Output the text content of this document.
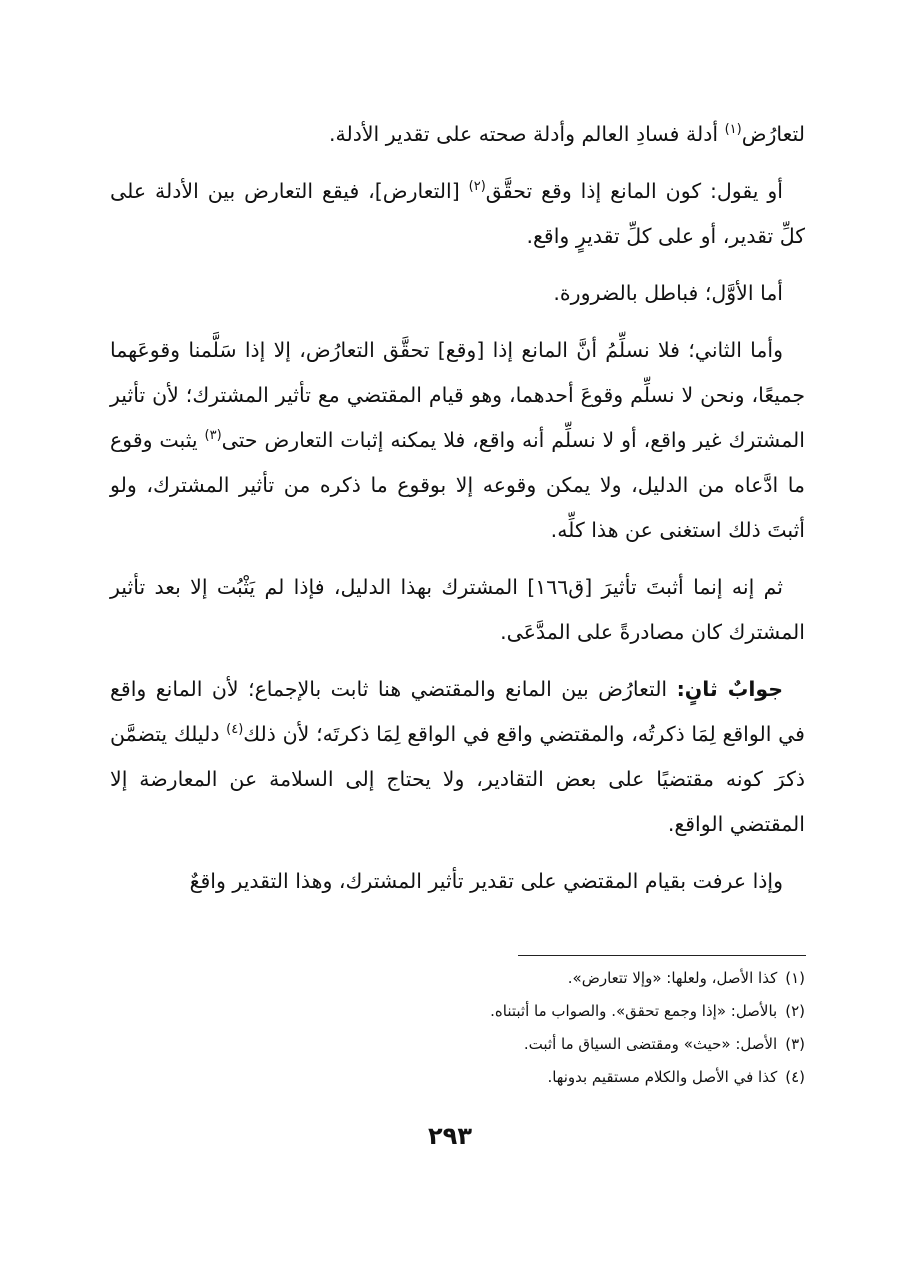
لتعارُض$^{(١)}$ أدلة فسادِ العالم وأدلة صحته على تقدير الأدلة.

أو يقول: كون المانع إذا وقع تحقَّق$^{(٢)}$ [التعارض]، فيقع التعارض بين الأدلة على كلِّ تقدير، أو على كلِّ تقديرٍ واقع.

أما الأوَّل؛ فباطل بالضرورة.

وأما الثاني؛ فلا نسلِّمُ أنَّ المانع إذا [وقع] تحقَّق التعارُض، إلا إذا سَلَّمنا وقوعَهما جميعًا، ونحن لا نسلِّم وقوعَ أحدهما، وهو قيام المقتضي مع تأثير المشترك؛ لأن تأثير المشترك غير واقع، أو لا نسلِّم أنه واقع، فلا يمكنه إثبات التعارض حتى$^{(٣)}$ يثبت وقوع ما ادَّعاه من الدليل، ولا يمكن وقوعه إلا بوقوع ما ذكره من تأثير المشترك، ولو أثبتَ ذلك استغنى عن هذا كلِّه.

ثم إنه إنما أثبتَ تأثيرَ [ق١٦٦] المشترك بهذا الدليل، فإذا لم يَثْبُت إلا بعد تأثير المشترك كان مصادرةً على المدَّعَى.

جوابٌ ثانٍ: التعارُض بين المانع والمقتضي هنا ثابت بالإجماع؛ لأن المانع واقع في الواقع لِمَا ذكرتُه، والمقتضي واقع في الواقع لِمَا ذكرتَه؛ لأن ذلك$^{(٤)}$ دليلك يتضمَّن ذكرَ كونه مقتضيًا على بعض التقادير، ولا يحتاج إلى السلامة عن المعارضة إلا المقتضي الواقع.

وإذا عرفت بقيام المقتضي على تقدير تأثير المشترك، وهذا التقدير واقعٌ

(١)كذا الأصل، ولعلها: «وإلا تتعارض».
(٢)بالأصل: «إذا وجمع تحقق». والصواب ما أثبتناه.
(٣)الأصل: «حيث» ومقتضى السياق ما أثبت.
(٤)كذا في الأصل والكلام مستقيم بدونها.
٢٩٣
